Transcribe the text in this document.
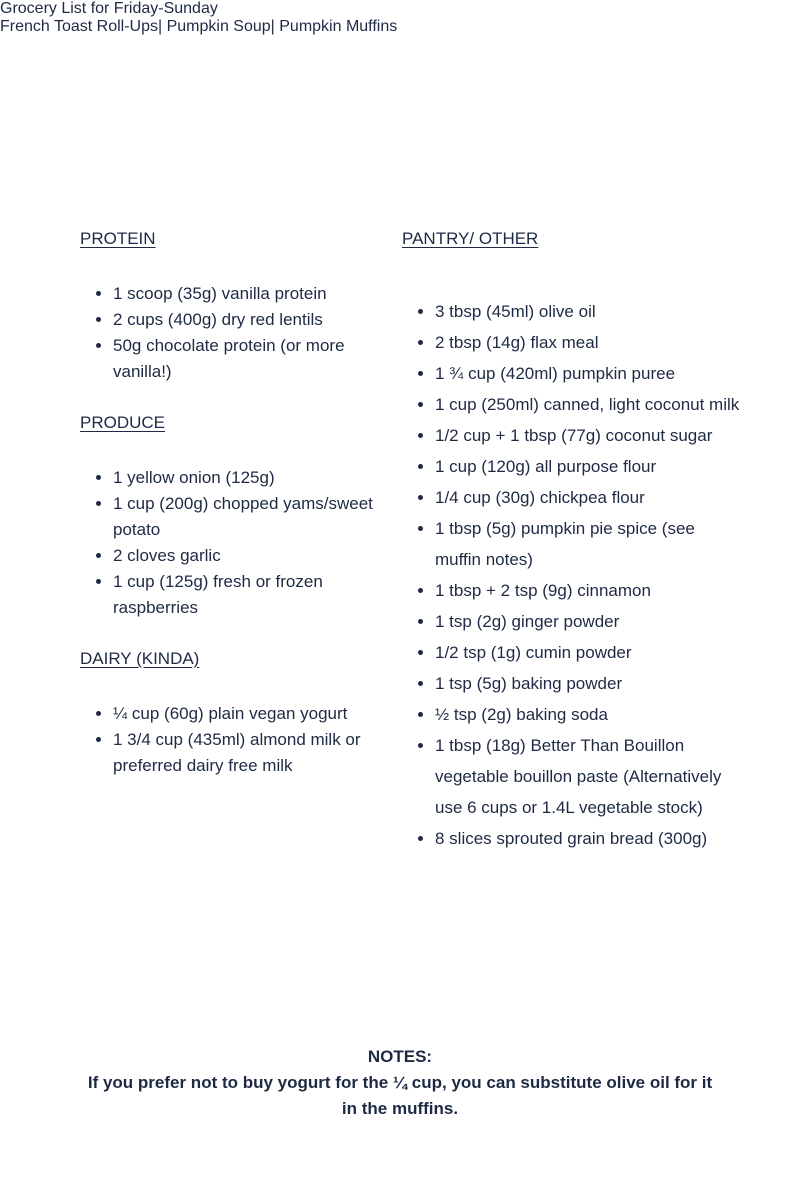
Grocery List for Friday-Sunday
French Toast Roll-Ups| Pumpkin Soup| Pumpkin Muffins
PROTEIN
• 1 scoop (35g) vanilla protein
• 2 cups (400g) dry red lentils
• 50g chocolate protein (or more vanilla!)
PRODUCE
• 1 yellow onion (125g)
• 1 cup (200g) chopped yams/sweet potato
• 2 cloves garlic
• 1 cup (125g) fresh or frozen raspberries
DAIRY (KINDA)
• ¼ cup (60g) plain vegan yogurt
• 1 3/4 cup (435ml) almond milk or preferred dairy free milk
PANTRY/ OTHER
• 3 tbsp (45ml) olive oil
• 2 tbsp (14g) flax meal
• 1 ¾ cup (420ml) pumpkin puree
• 1 cup (250ml) canned, light coconut milk
• 1/2 cup + 1 tbsp (77g) coconut sugar
• 1 cup (120g) all purpose flour
• 1/4 cup (30g) chickpea flour
• 1 tbsp (5g) pumpkin pie spice (see muffin notes)
• 1 tbsp + 2 tsp (9g) cinnamon
• 1 tsp (2g) ginger powder
• 1/2 tsp (1g) cumin powder
• 1 tsp (5g) baking powder
• ½ tsp (2g) baking soda
• 1 tbsp (18g) Better Than Bouillon vegetable bouillon paste (Alternatively use 6 cups or 1.4L vegetable stock)
• 8 slices sprouted grain bread (300g)
NOTES:
If you prefer not to buy yogurt for the ¼ cup, you can substitute olive oil for it in the muffins.
